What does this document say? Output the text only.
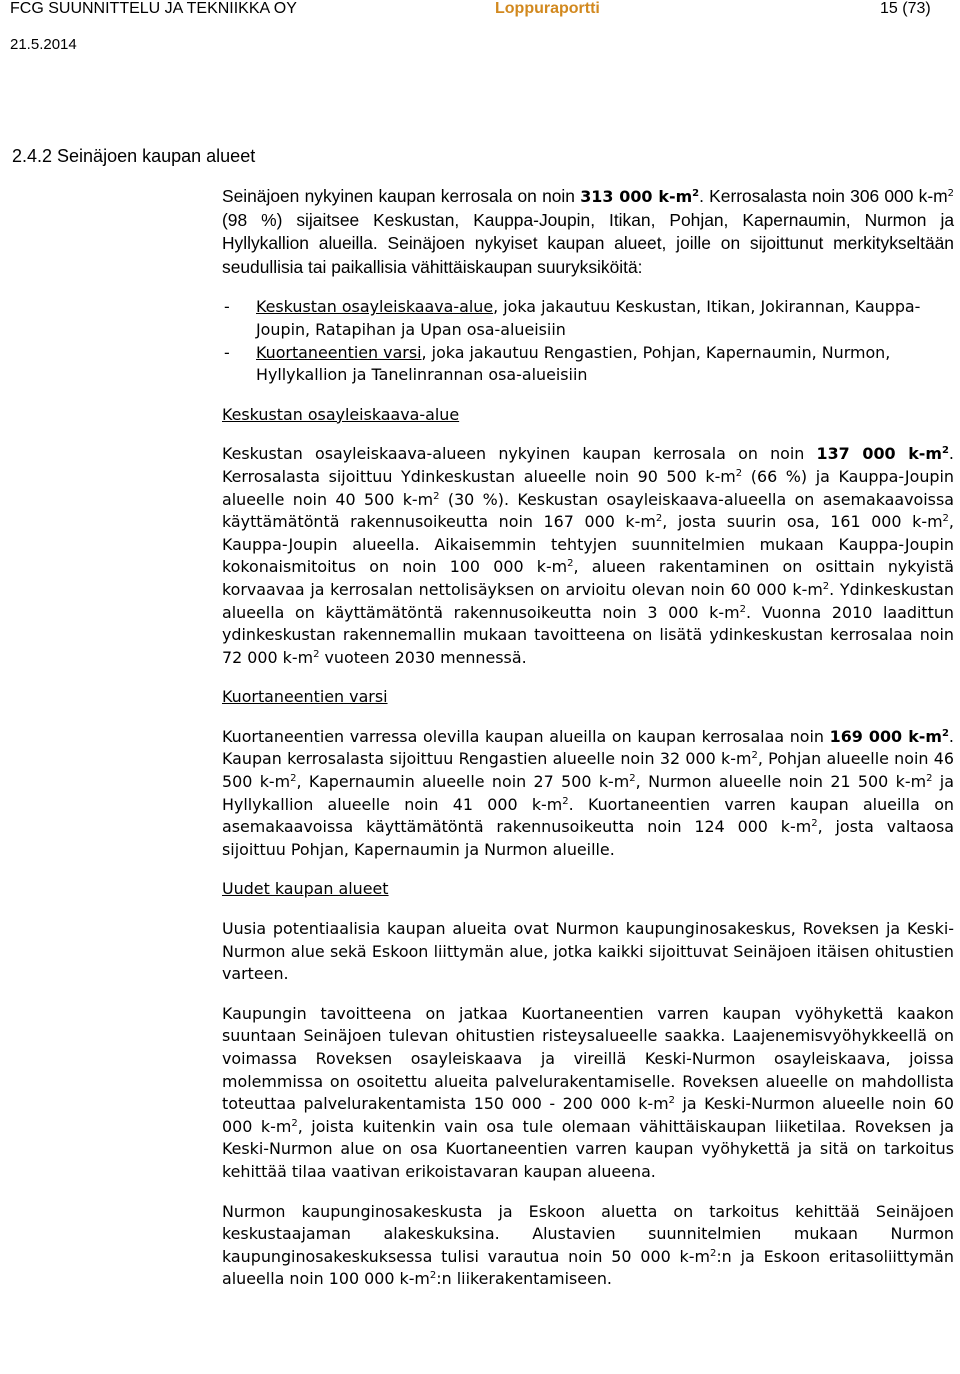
FCG SUUNNITTELU JA TEKNIIKKA OY	Loppuraportti	15 (73)
21.5.2014
2.4.2 Seinäjoen kaupan alueet

Seinäjoen nykyinen kaupan kerrosala on noin 313 000 $k-m^2$. Kerrosalasta noin 306 000 $k-m^2$ (98 %) sijaitsee Keskustan, Kauppa-Joupin, Itikan, Pohjan, Kapernaumin, Nurmon ja Hyllykallion alueilla. Seinäjoen nykyiset kaupan alueet, joille on sijoittunut merkitykseltään seudullisia tai paikallisia vähittäiskaupan suuryksiköitä:

- Keskustan osayleiskaava-alue, joka jakautuu Keskustan, Itikan, Jokirannan, Kauppa-Joupin, Ratapihan ja Upan osa-alueisiin
- Kuortaneentien varsi, joka jakautuu Rengastien, Pohjan, Kapernaumin, Nurmon, Hyllykallion ja Tanelinrannan osa-alueisiin

Keskustan osayleiskaava-alue

Keskustan osayleiskaava-alueen nykyinen kaupan kerrosala on noin 137 000 $k-m^2$. Kerrosalasta sijoittuu Ydinkeskustan alueelle noin 90 500 $k-m^2$ (66 %) ja Kauppa-Joupin alueelle noin 40 500 $k-m^2$ (30 %). Keskustan osayleiskaava-alueella on asemakaavoissa käyttämätöntä rakennusoikeutta noin 167 000 $k-m^2$, josta suurin osa, 161 000 $k-m^2$, Kauppa-Joupin alueella. Aikaisemmin tehtyjen suunnitelmien mukaan Kauppa-Joupin kokonaismitoitus on noin 100 000 $k-m^2$, alueen rakentaminen on osittain nykyistä korvaavaa ja kerrosalan nettolisäyksen on arvioitu olevan noin 60 000 $k-m^2$. Ydinkeskustan alueella on käyttämätöntä rakennusoikeutta noin 3 000 $k-m^2$. Vuonna 2010 laadittun ydinkeskustan rakennemallin mukaan tavoitteena on lisätä ydinkeskustan kerrosalaa noin 72 000 $k-m^2$ vuoteen 2030 mennessä.

Kuortaneentien varsi

Kuortaneentien varressa olevilla kaupan alueilla on kaupan kerrosalaa noin 169 000 $k-m^2$. Kaupan kerrosalasta sijoittuu Rengastien alueelle noin 32 000 $k-m^2$, Pohjan alueelle noin 46 500 $k-m^2$, Kapernaumin alueelle noin 27 500 $k-m^2$, Nurmon alueelle noin 21 500 $k-m^2$ ja Hyllykallion alueelle noin 41 000 $k-m^2$. Kuortaneentien varren kaupan alueilla on asemakaavoissa käyttämätöntä rakennusoikeutta noin 124 000 $k-m^2$, josta valtaosa sijoittuu Pohjan, Kapernaumin ja Nurmon alueille.

Uudet kaupan alueet

Uusia potentiaalisia kaupan alueita ovat Nurmon kaupunginosakeskus, Roveksen ja Keski-Nurmon alue sekä Eskoon liittymän alue, jotka kaikki sijoittuvat Seinäjoen itäisen ohitustien varteen.

Kaupungin tavoitteena on jatkaa Kuortaneentien varren kaupan vyöhykettä kaakon suuntaan Seinäjoen tulevan ohitustien risteysalueelle saakka. Laajenemisvyöhykkeellä on voimassa Roveksen osayleiskaava ja vireillä Keski-Nurmon osayleiskaava, joissa molemmissa on osoitettu alueita palvelurakentamiselle. Roveksen alueelle on mahdollista toteuttaa palvelurakentamista 150 000 - 200 000 $k-m^2$ ja Keski-Nurmon alueelle noin 60 000 $k-m^2$, joista kuitenkin vain osa tule olemaan vähittäiskaupan liiketilaa. Roveksen ja Keski-Nurmon alue on osa Kuortaneentien varren kaupan vyöhykettä ja sitä on tarkoitus kehittää tilaa vaativan erikoistavaran kaupan alueena.

Nurmon kaupunginosakeskusta ja Eskoon aluetta on tarkoitus kehittää Seinäjoen keskustaajaman alakeskuksina. Alustavien suunnitelmien mukaan Nurmon kaupunginosakeskuksessa tulisi varautua noin 50 000 $k-m^2:n$ ja Eskoon eritasoliittymän alueella noin 100 000 $k-m^2:n$ liikerakentamiseen.
